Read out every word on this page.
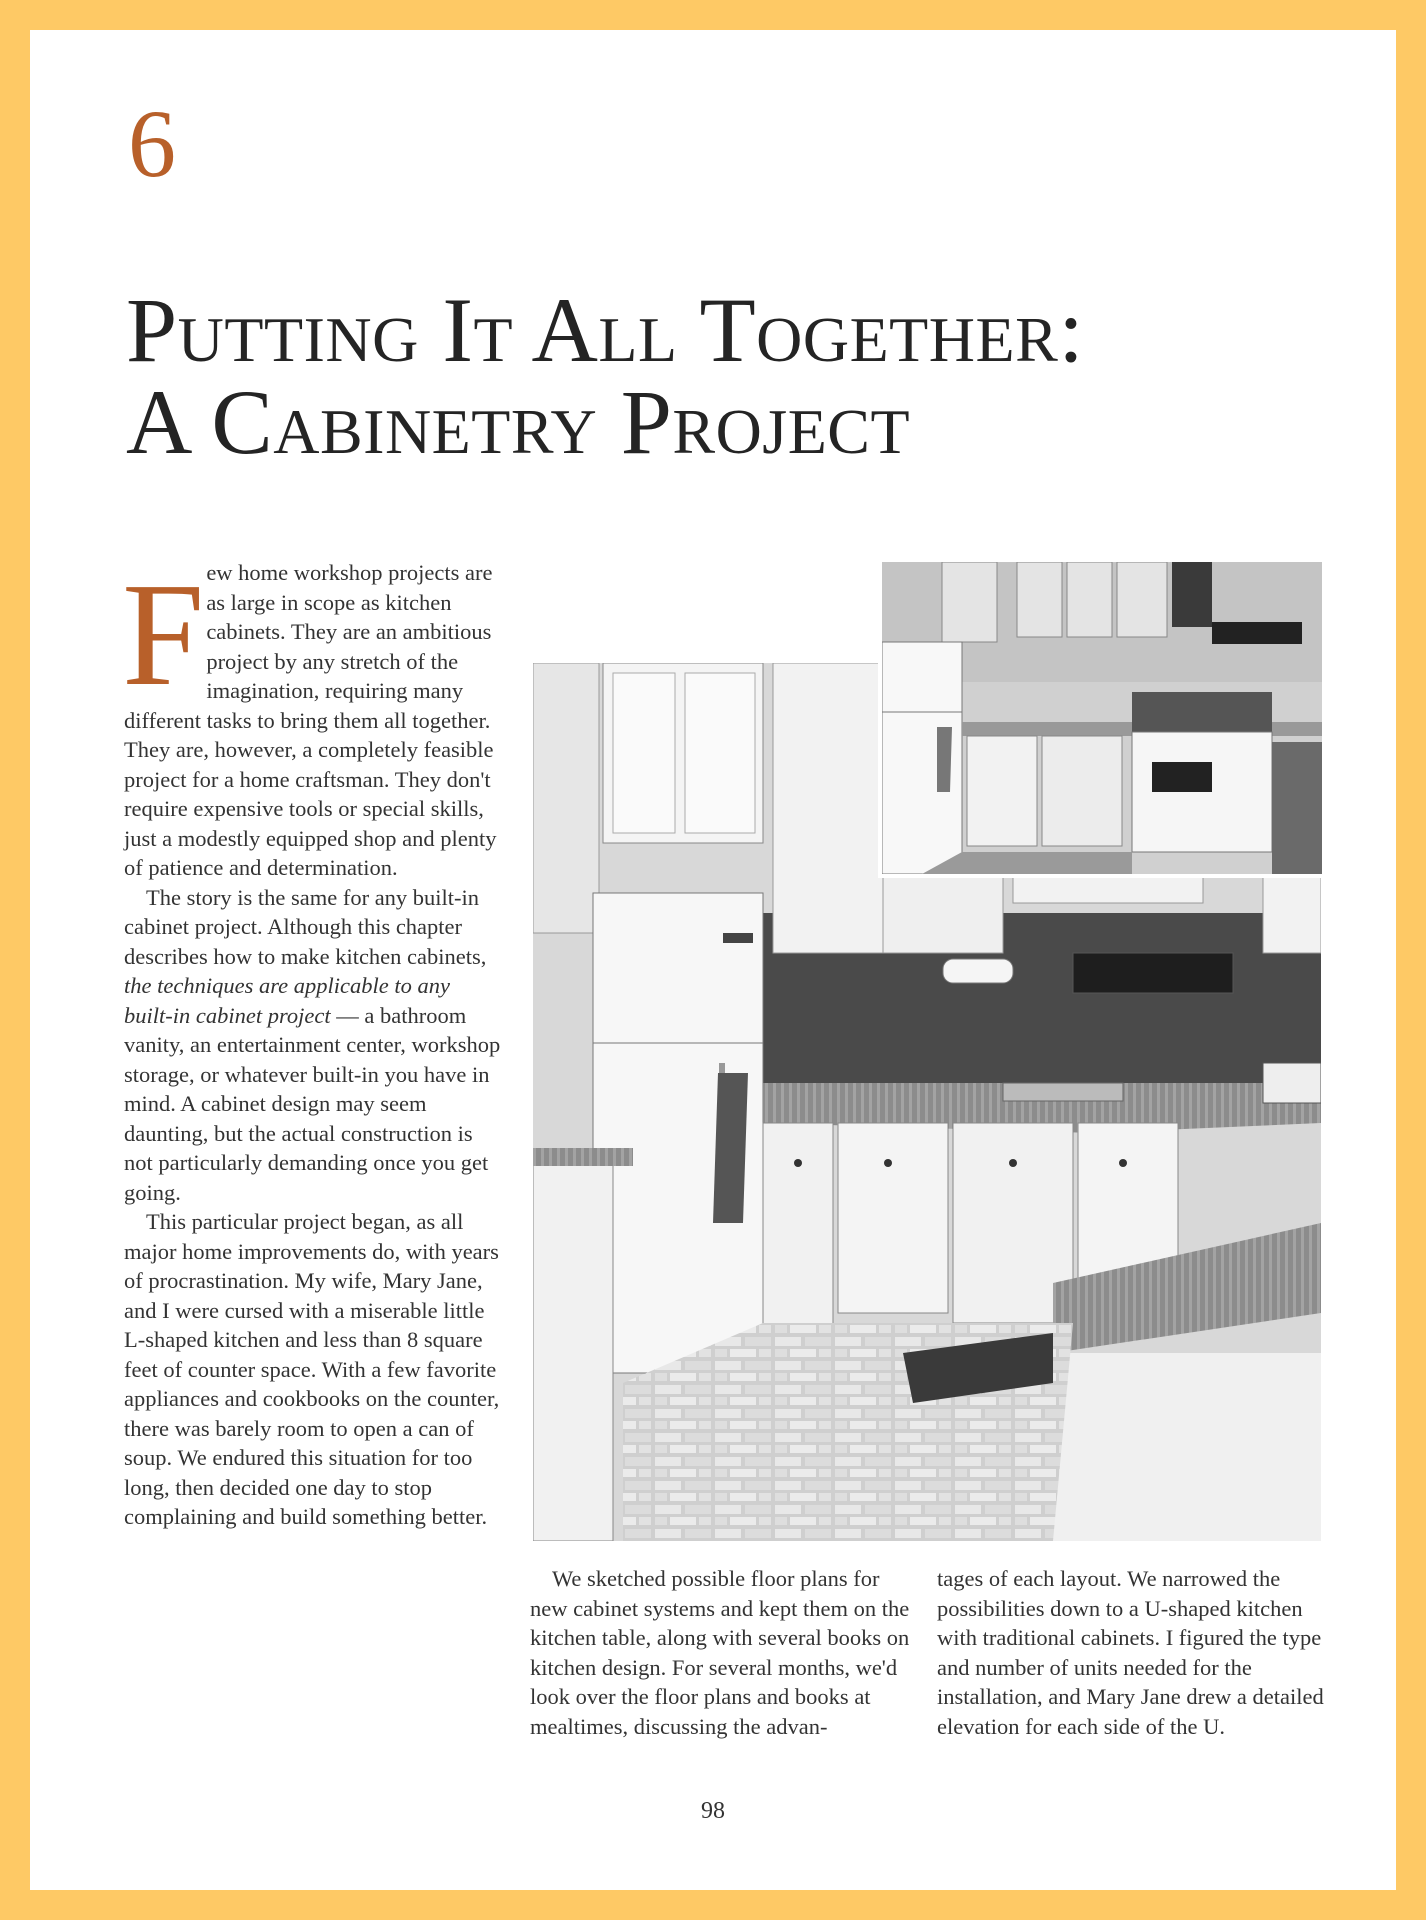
6
Putting It All Together:
A Cabinetry Project

Few home workshop projects are as large in scope as kitchen cabinets. They are an ambitious project by any stretch of the imagination, requiring many different tasks to bring them all together. They are, however, a completely feasible project for a home craftsman. They don't require expensive tools or special skills, just a modestly equipped shop and plenty of patience and determination.

The story is the same for any built-in cabinet project. Although this chapter describes how to make kitchen cabinets, the techniques are applicable to any built-in cabinet project — a bathroom vanity, an entertainment center, workshop storage, or whatever built-in you have in mind. A cabinet design may seem daunting, but the actual construction is not particularly demanding once you get going.

This particular project began, as all major home improvements do, with years of procrastination. My wife, Mary Jane, and I were cursed with a miserable little L-shaped kitchen and less than 8 square feet of counter space. With a few favorite appliances and cookbooks on the counter, there was barely room to open a can of soup. We endured this situation for too long, then decided one day to stop complaining and build something better.

We sketched possible floor plans for new cabinet systems and kept them on the kitchen table, along with several books on kitchen design. For several months, we'd look over the floor plans and books at mealtimes, discussing the advan-

tages of each layout. We narrowed the possibilities down to a U-shaped kitchen with traditional cabinets. I figured the type and number of units needed for the installation, and Mary Jane drew a detailed elevation for each side of the U.

98
